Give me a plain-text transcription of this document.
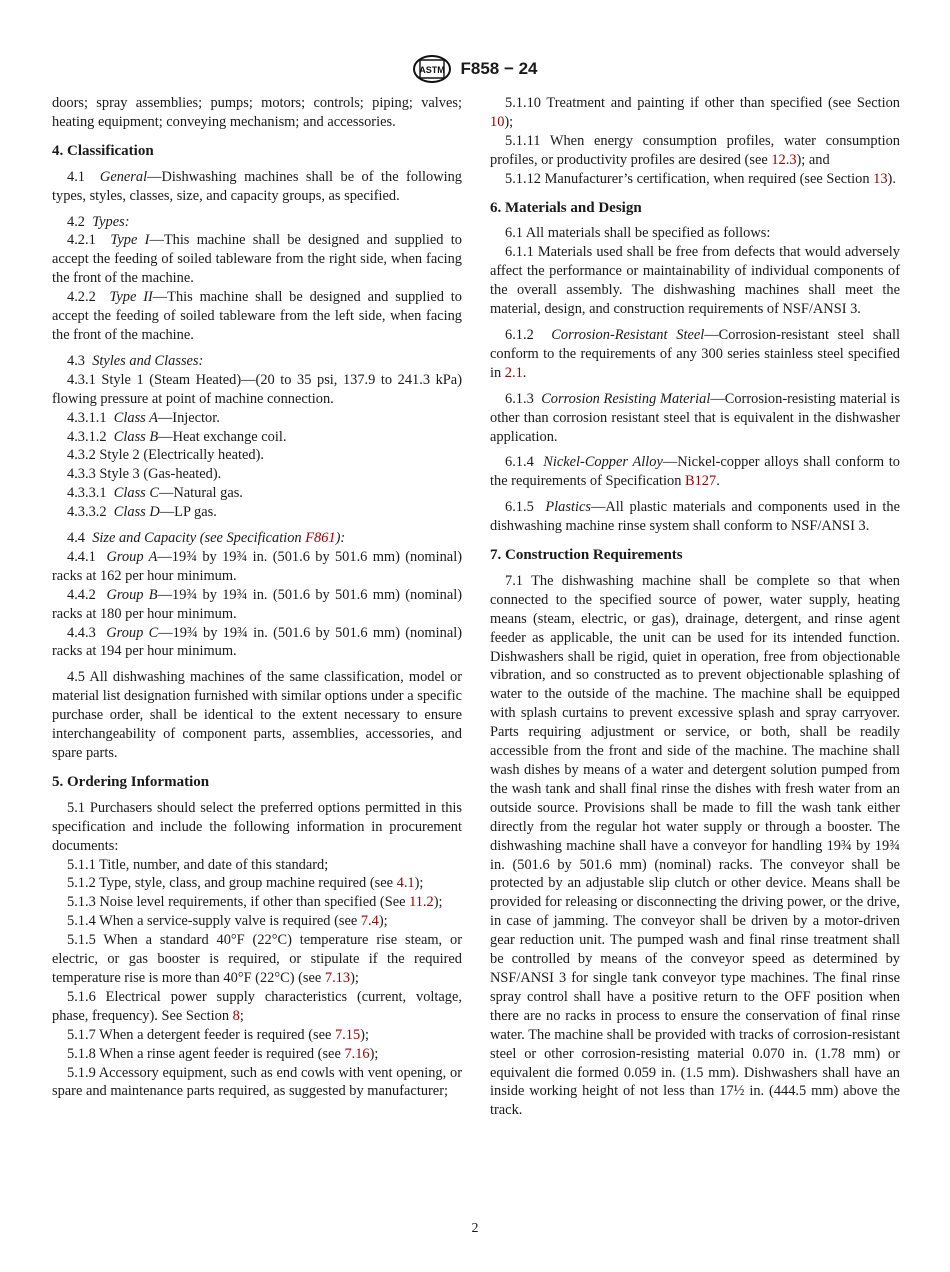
ASTM F858 − 24

doors; spray assemblies; pumps; motors; controls; piping; valves; heating equipment; conveying mechanism; and accessories.

4. Classification

4.1 General—Dishwashing machines shall be of the following types, styles, classes, size, and capacity groups, as specified.

4.2 Types:

4.2.1 Type I—This machine shall be designed and supplied to accept the feeding of soiled tableware from the right side, when facing the front of the machine.

4.2.2 Type II—This machine shall be designed and supplied to accept the feeding of soiled tableware from the left side, when facing the front of the machine.

4.3 Styles and Classes:

4.3.1 Style 1 (Steam Heated)—(20 to 35 psi, 137.9 to 241.3 kPa) flowing pressure at point of machine connection.

4.3.1.1 Class A—Injector.

4.3.1.2 Class B—Heat exchange coil.

4.3.2 Style 2 (Electrically heated).

4.3.3 Style 3 (Gas-heated).

4.3.3.1 Class C—Natural gas.

4.3.3.2 Class D—LP gas.

4.4 Size and Capacity (see Specification F861):

4.4.1 Group A—19¾ by 19¾ in. (501.6 by 501.6 mm) (nominal) racks at 162 per hour minimum.

4.4.2 Group B—19¾ by 19¾ in. (501.6 by 501.6 mm) (nominal) racks at 180 per hour minimum.

4.4.3 Group C—19¾ by 19¾ in. (501.6 by 501.6 mm) (nominal) racks at 194 per hour minimum.

4.5 All dishwashing machines of the same classification, model or material list designation furnished with similar options under a specific purchase order, shall be identical to the extent necessary to ensure interchangeability of component parts, assemblies, accessories, and spare parts.

5. Ordering Information

5.1 Purchasers should select the preferred options permitted in this specification and include the following information in procurement documents:

5.1.1 Title, number, and date of this standard;

5.1.2 Type, style, class, and group machine required (see 4.1);

5.1.3 Noise level requirements, if other than specified (See 11.2);

5.1.4 When a service-supply valve is required (see 7.4);

5.1.5 When a standard 40°F (22°C) temperature rise steam, or electric, or gas booster is required, or stipulate if the required temperature rise is more than 40°F (22°C) (see 7.13);

5.1.6 Electrical power supply characteristics (current, voltage, phase, frequency). See Section 8;

5.1.7 When a detergent feeder is required (see 7.15);

5.1.8 When a rinse agent feeder is required (see 7.16);

5.1.9 Accessory equipment, such as end cowls with vent opening, or spare and maintenance parts required, as suggested by manufacturer;

5.1.10 Treatment and painting if other than specified (see Section 10);

5.1.11 When energy consumption profiles, water consumption profiles, or productivity profiles are desired (see 12.3); and

5.1.12 Manufacturer’s certification, when required (see Section 13).

6. Materials and Design

6.1 All materials shall be specified as follows:

6.1.1 Materials used shall be free from defects that would adversely affect the performance or maintainability of individual components of the overall assembly. The dishwashing machines shall meet the material, design, and construction requirements of NSF/ANSI 3.

6.1.2 Corrosion-Resistant Steel—Corrosion-resistant steel shall conform to the requirements of any 300 series stainless steel specified in 2.1.

6.1.3 Corrosion Resisting Material—Corrosion-resisting material is other than corrosion resistant steel that is equivalent in the dishwasher application.

6.1.4 Nickel-Copper Alloy—Nickel-copper alloys shall conform to the requirements of Specification B127.

6.1.5 Plastics—All plastic materials and components used in the dishwashing machine rinse system shall conform to NSF/ANSI 3.

7. Construction Requirements

7.1 The dishwashing machine shall be complete so that when connected to the specified source of power, water supply, heating means (steam, electric, or gas), drainage, detergent, and rinse agent feeder as applicable, the unit can be used for its intended function. Dishwashers shall be rigid, quiet in operation, free from objectionable vibration, and so constructed as to prevent objectionable splashing of water to the outside of the machine. The machine shall be equipped with splash curtains to prevent excessive splash and spray carryover. Parts requiring adjustment or service, or both, shall be readily accessible from the front and side of the machine. The machine shall wash dishes by means of a water and detergent solution pumped from the wash tank and shall final rinse the dishes with fresh water from an outside source. Provisions shall be made to fill the wash tank either directly from the regular hot water supply or through a booster. The dishwashing machine shall have a conveyor for handling 19¾ by 19¾ in. (501.6 by 501.6 mm) (nominal) racks. The conveyor shall be protected by an adjustable slip clutch or other device. Means shall be provided for releasing or disconnecting the driving power, or the drive, in case of jamming. The conveyor shall be driven by a motor-driven gear reduction unit. The pumped wash and final rinse treatment shall be controlled by means of the conveyor speed as determined by NSF/ANSI 3 for single tank conveyor type machines. The final rinse spray control shall have a positive return to the OFF position when there are no racks in process to ensure the conservation of final rinse water. The machine shall be provided with tracks of corrosion-resistant steel or other corrosion-resisting material 0.070 in. (1.78 mm) or equivalent die formed 0.059 in. (1.5 mm). Dishwashers shall have an inside working height of not less than 17½ in. (444.5 mm) above the track.

2
